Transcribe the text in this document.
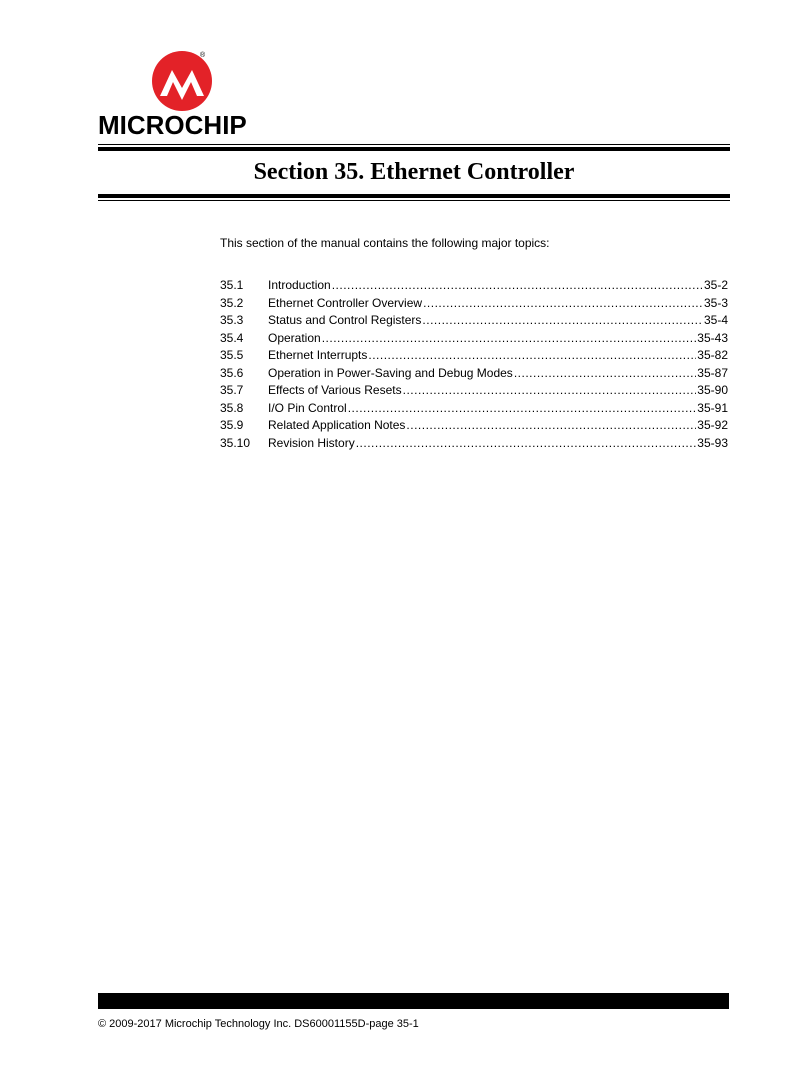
®
MICROCHIP
Section 35. Ethernet Controller
This section of the manual contains the following major topics:
35.1	Introduction .....	35-2
35.2	Ethernet Controller Overview .....	35-3
35.3	Status and Control Registers .....	35-4
35.4	Operation .....	35-43
35.5	Ethernet Interrupts .....	35-82
35.6	Operation in Power-Saving and Debug Modes .....	35-87
35.7	Effects of Various Resets .....	35-90
35.8	I/O Pin Control .....	35-91
35.9	Related Application Notes .....	35-92
35.10	Revision History .....	35-93
© 2009-2017 Microchip Technology Inc. DS60001155D-page 35-1
